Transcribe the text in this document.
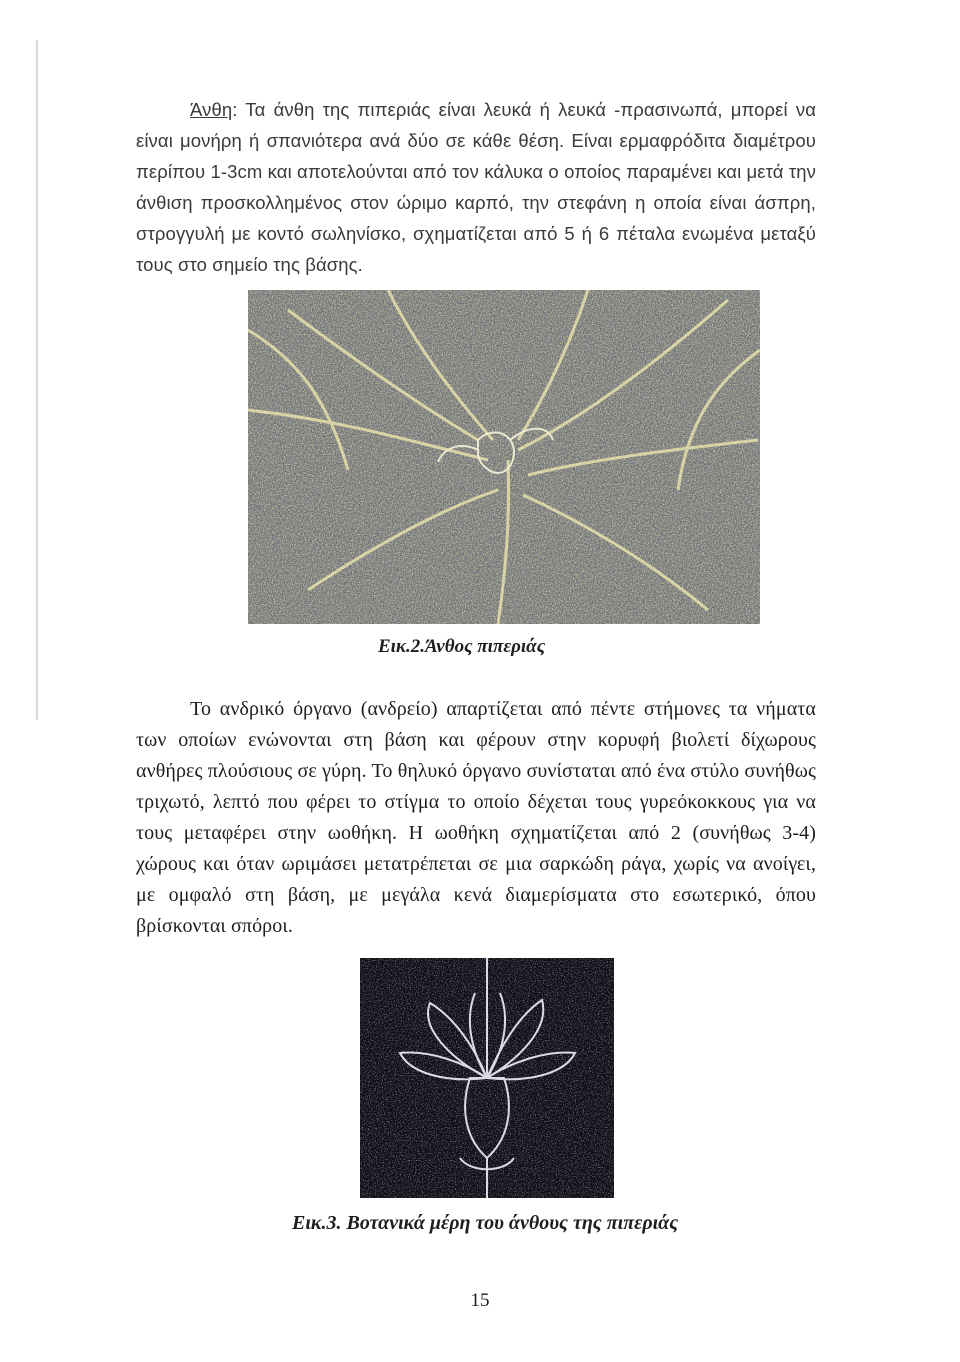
Άνθη: Τα άνθη της πιπεριάς είναι λευκά ή λευκά -πρασινωπά, μπορεί να είναι μονήρη ή σπανιότερα ανά δύο σε κάθε θέση. Είναι ερμαφρόδιτα διαμέτρου περίπου 1-3cm και αποτελούνται από τον κάλυκα ο οποίος παραμένει και μετά την άνθιση προσκολλημένος στον ώριμο καρπό, την στεφάνη η οποία είναι άσπρη, στρογγυλή με κοντό σωληνίσκο, σχηματίζεται από 5 ή 6 πέταλα ενωμένα μεταξύ τους στο σημείο της βάσης.

Εικ.2.Άνθος πιπεριάς

Το ανδρικό όργανο (ανδρείο) απαρτίζεται από πέντε στήμονες τα νήματα των οποίων ενώνονται στη βάση και φέρουν στην κορυφή βιολετί δίχωρους ανθήρες πλούσιους σε γύρη. Το θηλυκό όργανο συνίσταται από ένα στύλο συνήθως τριχωτό, λεπτό που φέρει το στίγμα το οποίο δέχεται τους γυρεόκοκκους για να τους μεταφέρει στην ωοθήκη. Η ωοθήκη σχηματίζεται από 2 (συνήθως 3-4) χώρους και όταν ωριμάσει μετατρέπεται σε μια σαρκώδη ράγα, χωρίς να ανοίγει, με ομφαλό στη βάση, με μεγάλα κενά διαμερίσματα στο εσωτερικό, όπου βρίσκονται σπόροι.

Εικ.3. Βοτανικά μέρη του άνθους της πιπεριάς

15
